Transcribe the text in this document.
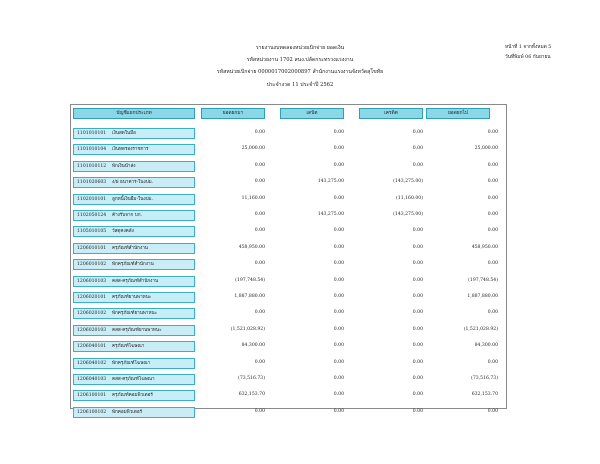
รายงานงบทดลองหน่วยเบิกจ่าย ยอดเงิน
รหัสหน่วยงาน 1702 สนง.ปลัดกระทรวงแรงงาน
รหัสหน่วยเบิกจ่าย 0000017002000897 สำนักงานแรงงานจังหวัดสุโขทัย
ประจำงวด 11 ประจำปี 2562
หน้าที่ 1 จากทั้งหมด 5
วันที่พิมพ์ 06 กันยายน
บัญชีแยกประเภท	ยอดยกมา	เดบิต	เครดิต	ยอดยกไป
1101010101 เงินสดในมือ	0.00	0.00	0.00	0.00
1101010104 เงินทดรองราชการ	25,000.00	0.00	0.00	25,000.00
1101010112 พักเงินนำส่ง	0.00	0.00	0.00	0.00
1101020603 ง/ฝ ธนาคาร-ในงปม.	0.00	143,275.00	(143,275.00)	0.00
1102010101 ลูกหนี้เงินยืม-ในงปม.	11,160.00	0.00	(11,160.00)	0.00
1102050124 ค้างรับจาก บก.	0.00	143,275.00	(143,275.00)	0.00
1105010105 วัสดุคงคลัง	0.00	0.00	0.00	0.00
1206010101 ครุภัณฑ์สำนักงาน	458,950.00	0.00	0.00	458,950.00
1206010102 พักครุภัณฑ์สำนักงาน	0.00	0.00	0.00	0.00
1206010103 คสส-ครุภัณฑ์สำนักงาน	(197,748.54)	0.00	0.00	(197,748.54)
1206020101 ครุภัณฑ์ยานพาหนะ	1,887,880.00	0.00	0.00	1,887,880.00
1206020102 พักครุภัณฑ์ยานพาหนะ	0.00	0.00	0.00	0.00
1206020103 คสส-ครุภัณฑ์ยานพาหนะ	(1,521,028.92)	0.00	0.00	(1,521,028.92)
1206040101 ครุภัณฑ์โฆษณา	84,300.00	0.00	0.00	84,300.00
1206040102 พักครุภัณฑ์โฆษณา	0.00	0.00	0.00	0.00
1206040103 คสส-ครุภัณฑ์โฆษณา	(73,516.73)	0.00	0.00	(73,516.73)
1206100101 ครุภัณฑ์คอมพิวเตอร์	632,153.70	0.00	0.00	632,153.70
1206100102 พักคอมพิวเตอร์	0.00	0.00	0.00	0.00
